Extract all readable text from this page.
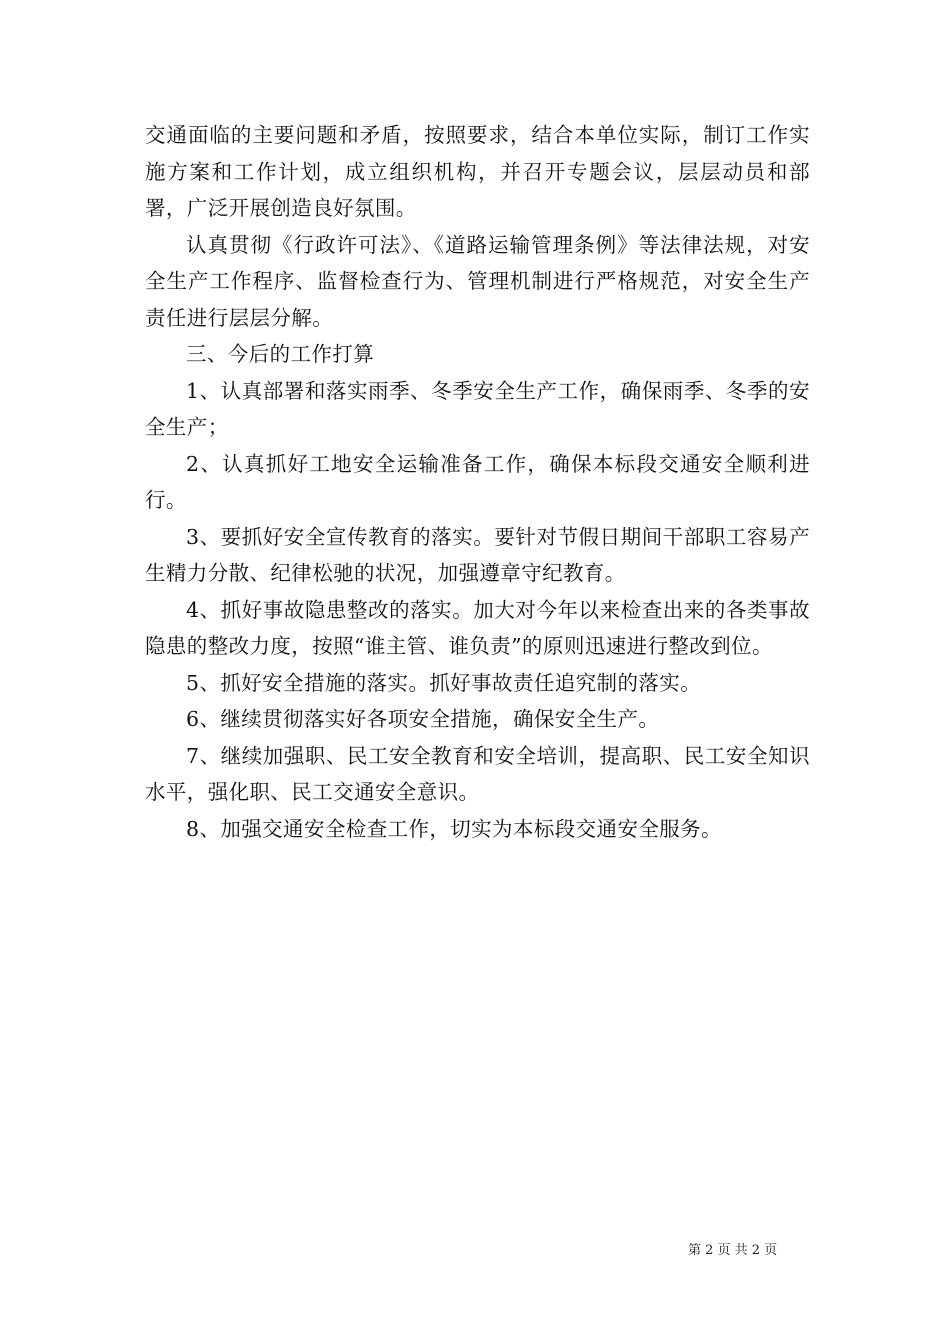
交通面临的主要问题和矛盾，按照要求，结合本单位实际，制订工作实施方案和工作计划，成立组织机构，并召开专题会议，层层动员和部署，广泛开展创造良好氛围。

认真贯彻《行政许可法》、《道路运输管理条例》等法律法规，对安全生产工作程序、监督检查行为、管理机制进行严格规范，对安全生产责任进行层层分解。

三、今后的工作打算

1、认真部署和落实雨季、冬季安全生产工作，确保雨季、冬季的安全生产；

2、认真抓好工地安全运输准备工作，确保本标段交通安全顺利进行。

3、要抓好安全宣传教育的落实。要针对节假日期间干部职工容易产生精力分散、纪律松驰的状况，加强遵章守纪教育。

4、抓好事故隐患整改的落实。加大对今年以来检查出来的各类事故隐患的整改力度，按照“谁主管、谁负责”的原则迅速进行整改到位。

5、抓好安全措施的落实。抓好事故责任追究制的落实。

6、继续贯彻落实好各项安全措施，确保安全生产。

7、继续加强职、民工安全教育和安全培训，提高职、民工安全知识水平，强化职、民工交通安全意识。

8、加强交通安全检查工作，切实为本标段交通安全服务。

第 2 页 共 2 页
